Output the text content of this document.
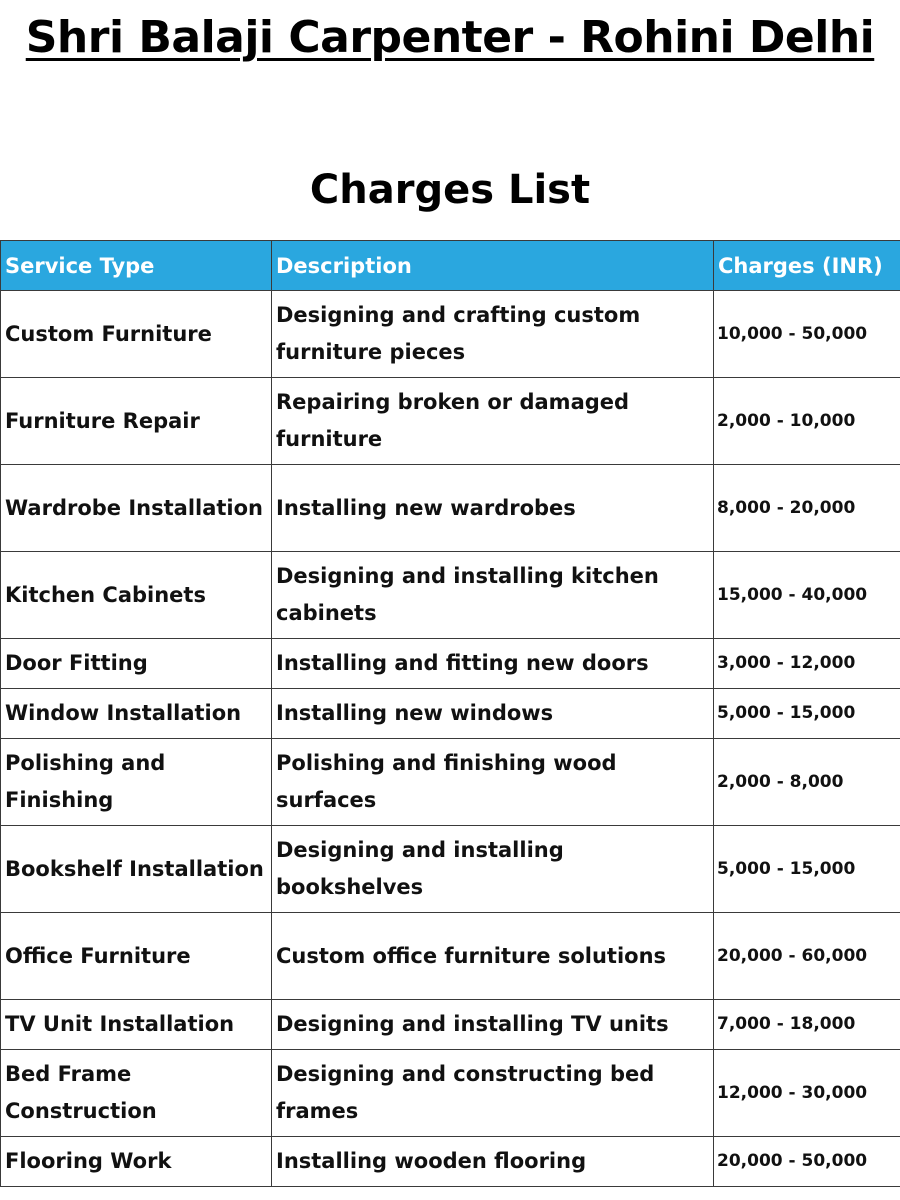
Shri Balaji Carpenter - Rohini Delhi
Charges List
Service Type	Description	Charges (INR)
Custom Furniture	Designing and crafting custom furniture pieces	10,000 - 50,000
Furniture Repair	Repairing broken or damaged furniture	2,000 - 10,000
Wardrobe Installation	Installing new wardrobes	8,000 - 20,000
Kitchen Cabinets	Designing and installing kitchen cabinets	15,000 - 40,000
Door Fitting	Installing and fitting new doors	3,000 - 12,000
Window Installation	Installing new windows	5,000 - 15,000
Polishing and Finishing	Polishing and finishing wood surfaces	2,000 - 8,000
Bookshelf Installation	Designing and installing bookshelves	5,000 - 15,000
Office Furniture	Custom office furniture solutions	20,000 - 60,000
TV Unit Installation	Designing and installing TV units	7,000 - 18,000
Bed Frame Construction	Designing and constructing bed frames	12,000 - 30,000
Flooring Work	Installing wooden flooring	20,000 - 50,000
